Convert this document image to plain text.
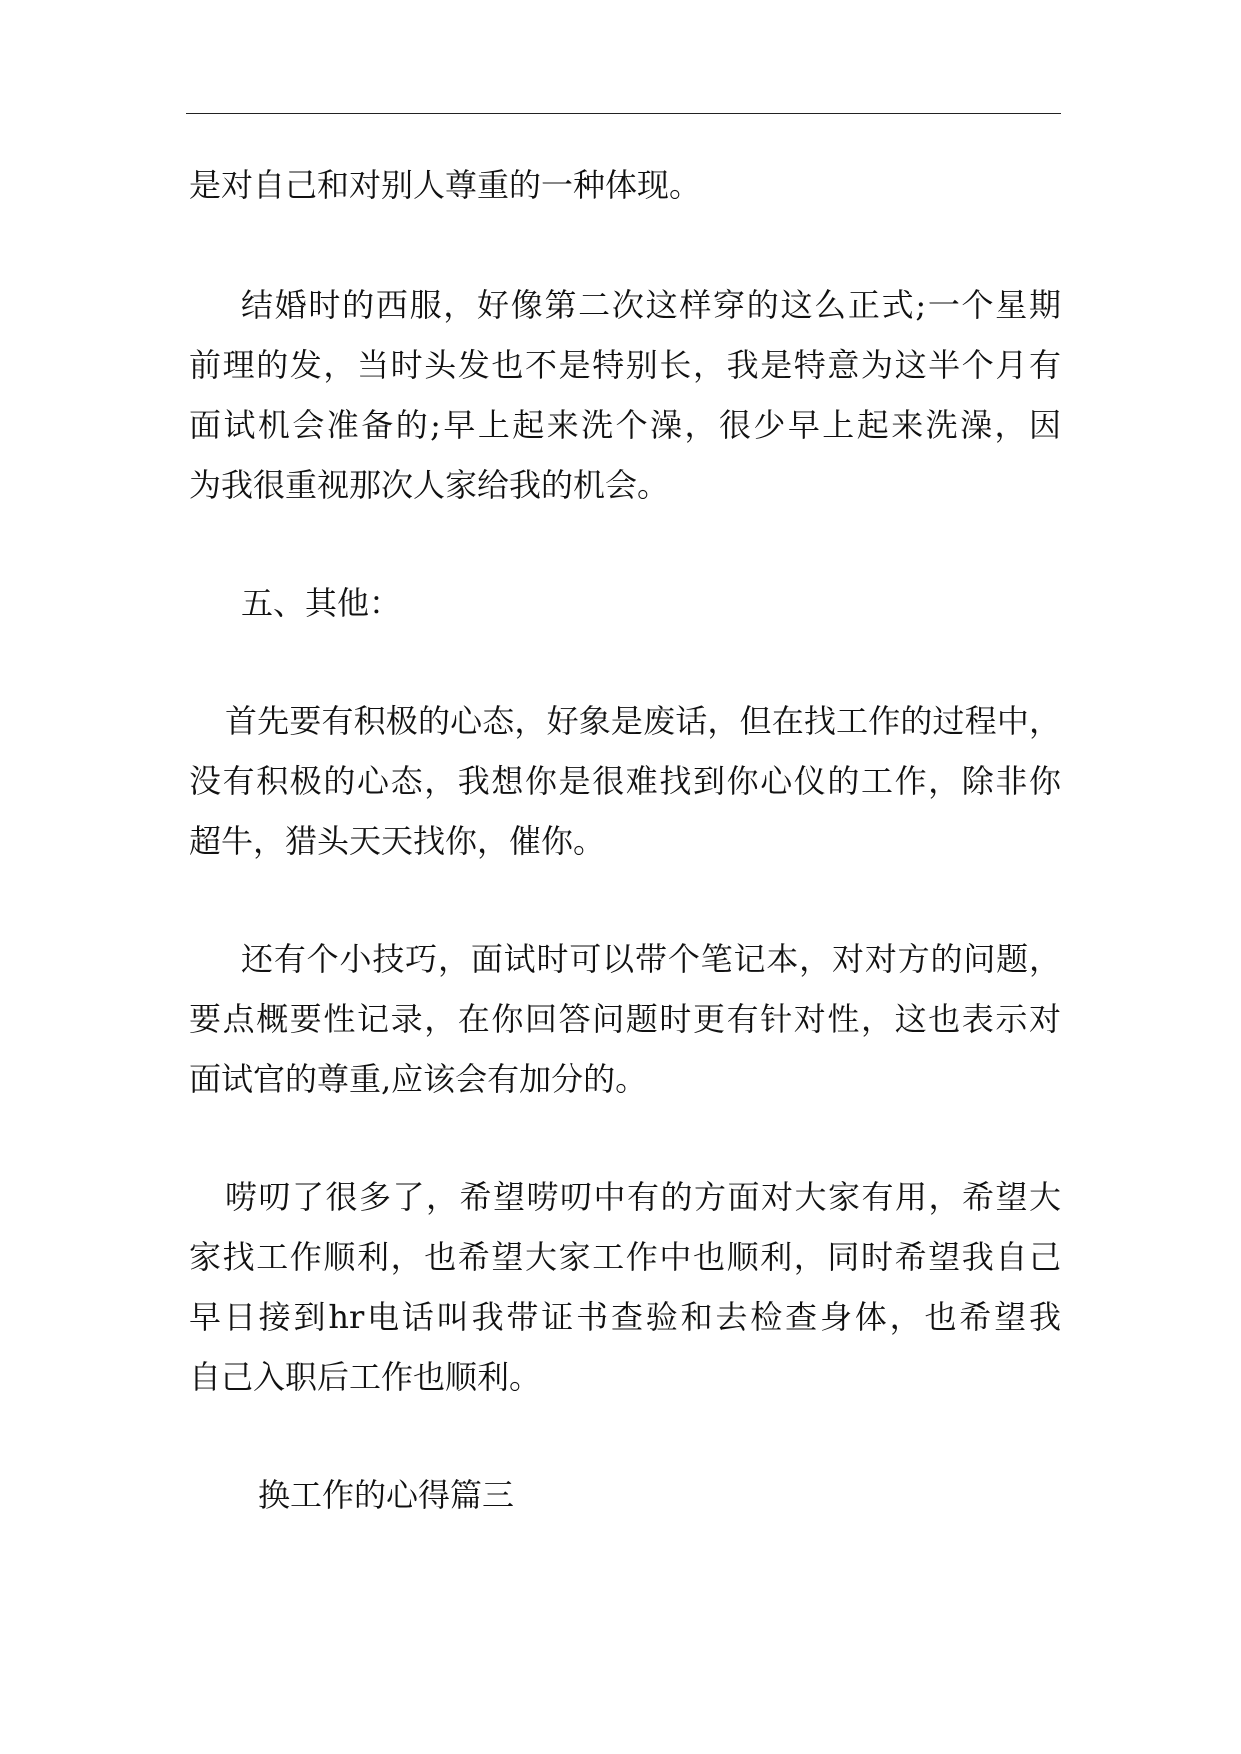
是对自己和对别人尊重的一种体现。
结婚时的西服，好像第二次这样穿的这么正式;一个星期
前理的发，当时头发也不是特别长，我是特意为这半个月有
面试机会准备的;早上起来洗个澡，很少早上起来洗澡，因
为我很重视那次人家给我的机会。
五、其他：
首先要有积极的心态，好象是废话，但在找工作的过程中，
没有积极的心态，我想你是很难找到你心仪的工作，除非你
超牛，猎头天天找你，催你。
还有个小技巧，面试时可以带个笔记本，对对方的问题，
要点概要性记录，在你回答问题时更有针对性，这也表示对
面试官的尊重,应该会有加分的。
唠叨了很多了，希望唠叨中有的方面对大家有用，希望大
家找工作顺利，也希望大家工作中也顺利，同时希望我自己
早日接到hr电话叫我带证书查验和去检查身体，也希望我
自己入职后工作也顺利。
换工作的心得篇三
